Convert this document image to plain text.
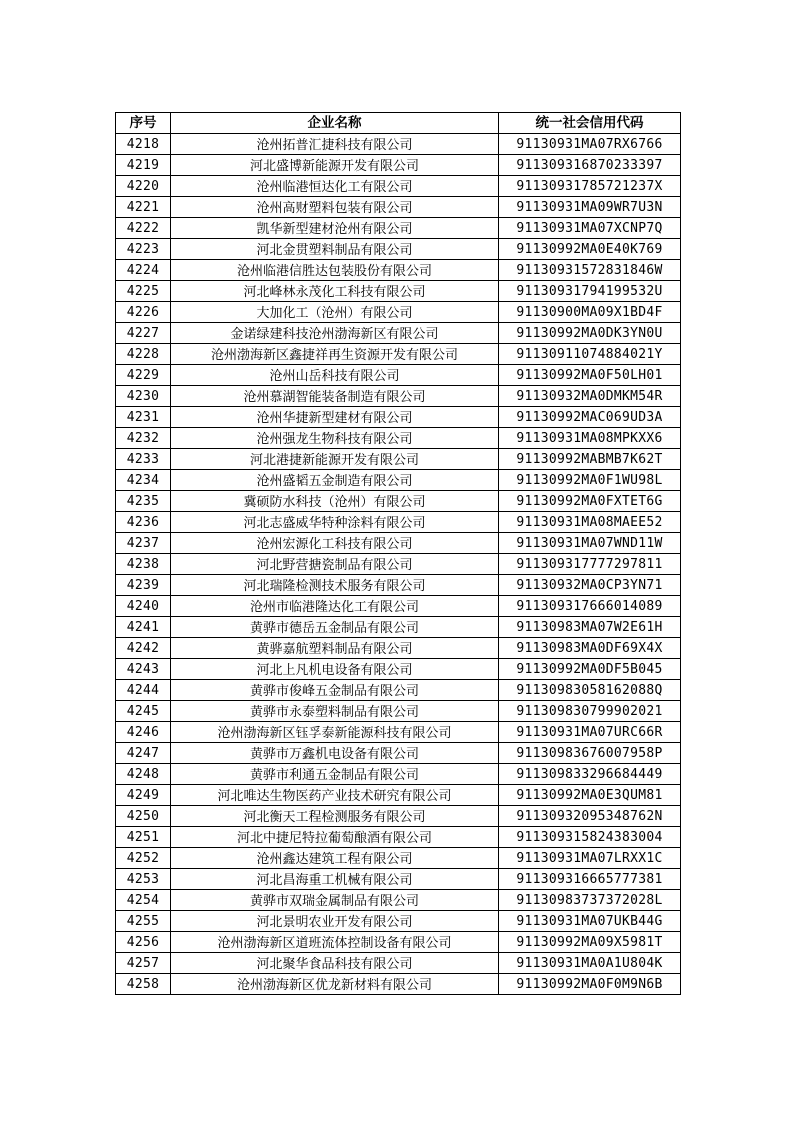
序号	企业名称	统一社会信用代码
4218	沧州拓普汇捷科技有限公司	91130931MA07RX6766
4219	河北盛博新能源开发有限公司	911309316870233397
4220	沧州临港恒达化工有限公司	91130931785721237X
4221	沧州高财塑料包装有限公司	91130931MA09WR7U3N
4222	凯华新型建材沧州有限公司	91130931MA07XCNP7Q
4223	河北金贯塑料制品有限公司	91130992MA0E40K769
4224	沧州临港信胜达包装股份有限公司	91130931572831846W
4225	河北峰林永茂化工科技有限公司	91130931794199532U
4226	大加化工（沧州）有限公司	91130900MA09X1BD4F
4227	金诺绿建科技沧州渤海新区有限公司	91130992MA0DK3YN0U
4228	沧州渤海新区鑫捷祥再生资源开发有限公司	91130911074884021Y
4229	沧州山岳科技有限公司	91130992MA0F50LH01
4230	沧州慕湖智能装备制造有限公司	91130932MA0DMKM54R
4231	沧州华捷新型建材有限公司	91130992MAC069UD3A
4232	沧州强龙生物科技有限公司	91130931MA08MPKXX6
4233	河北港捷新能源开发有限公司	91130992MABMB7K62T
4234	沧州盛韬五金制造有限公司	91130992MA0F1WU98L
4235	冀硕防水科技（沧州）有限公司	91130992MA0FXTET6G
4236	河北志盛威华特种涂料有限公司	91130931MA08MAEE52
4237	沧州宏源化工科技有限公司	91130931MA07WND11W
4238	河北野营搪瓷制品有限公司	911309317777297811
4239	河北瑞隆检测技术服务有限公司	91130932MA0CP3YN71
4240	沧州市临港隆达化工有限公司	911309317666014089
4241	黄骅市德岳五金制品有限公司	91130983MA07W2E61H
4242	黄骅嘉航塑料制品有限公司	91130983MA0DF69X4X
4243	河北上凡机电设备有限公司	91130992MA0DF5B045
4244	黄骅市俊峰五金制品有限公司	91130983058162088Q
4245	黄骅市永泰塑料制品有限公司	911309830799902021
4246	沧州渤海新区钰孚泰新能源科技有限公司	91130931MA07URC66R
4247	黄骅市万鑫机电设备有限公司	91130983676007958P
4248	黄骅市利通五金制品有限公司	911309833296684449
4249	河北唯达生物医药产业技术研究有限公司	91130992MA0E3QUM81
4250	河北衡天工程检测服务有限公司	91130932095348762N
4251	河北中捷尼特拉葡萄酿酒有限公司	911309315824383004
4252	沧州鑫达建筑工程有限公司	91130931MA07LRXX1C
4253	河北昌海重工机械有限公司	911309316665777381
4254	黄骅市双瑞金属制品有限公司	91130983737372028L
4255	河北景明农业开发有限公司	91130931MA07UKB44G
4256	沧州渤海新区道班流体控制设备有限公司	91130992MA09X5981T
4257	河北聚华食品科技有限公司	91130931MA0A1U804K
4258	沧州渤海新区优龙新材料有限公司	91130992MA0F0M9N6B
